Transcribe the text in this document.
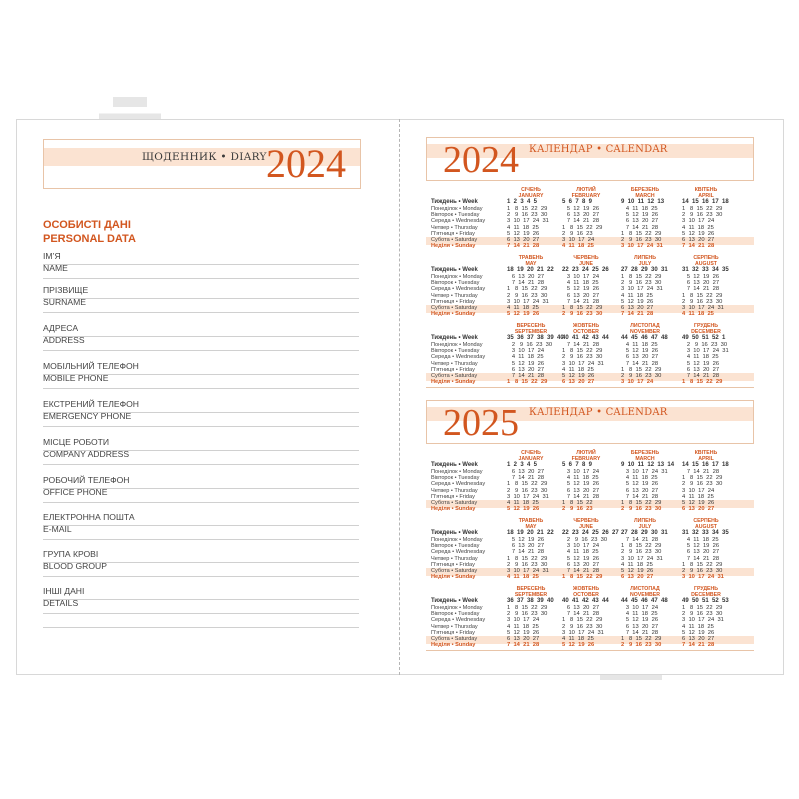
ЩОДЕННИК • DIARY 2024
ОСОБИСТІ ДАНІ
PERSONAL DATA
ІМ’Я
NAME
ПРІЗВИЩЕ
SURNAME
АДРЕСА
ADDRESS
МОБІЛЬНИЙ ТЕЛЕФОН
MOBILE PHONE
ЕКСТРЕНИЙ ТЕЛЕФОН
EMERGENCY PHONE
МІСЦЕ РОБОТИ
COMPANY ADDRESS
РОБОЧИЙ ТЕЛЕФОН
OFFICE PHONE
ЕЛЕКТРОННА ПОШТА
E-MAIL
ГРУПА КРОВІ
BLOOD GROUP
ІНШІ ДАНІ
DETAILS
2024 КАЛЕНДАР • CALENDAR
Тиждень • Week
Понеділок • Monday
Вівторок • Tuesday
Середа • Wednesday
Четвер • Thursday
П’ятниця • Friday
Субота • Saturday
Неділя • Sunday
СІЧЕНЬ
JANUARY
1  2  3  4  5
1   8  15  22  29
2   9  16  23  30
3  10  17  24  31
4  11  18  25
5  12  19  26
6  13  20  27
7  14  21  28
ЛЮТИЙ
FEBRUARY
5  6  7  8  9
5  12  19  26
6  13  20  27
7  14  21  28
1   8  15  22  29
2   9  16  23
3  10  17  24
4  11  18  25
БЕРЕЗЕНЬ
MARCH
9  10  11  12  13
4  11  18  25
5  12  19  26
6  13  20  27
7  14  21  28
1   8  15  22  29
2   9  16  23  30
3  10  17  24  31
КВІТЕНЬ
APRIL
14  15  16  17  18
1   8  15  22  29
2   9  16  23  30
3  10  17  24
4  11  18  25
5  12  19  26
6  13  20  27
7  14  21  28
Тиждень • Week
Понеділок • Monday
Вівторок • Tuesday
Середа • Wednesday
Четвер • Thursday
П’ятниця • Friday
Субота • Saturday
Неділя • Sunday
ТРАВЕНЬ
MAY
18  19  20  21  22
6  13  20  27
7  14  21  28
1   8  15  22  29
2   9  16  23  30
3  10  17  24  31
4  11  18  25
5  12  19  26
ЧЕРВЕНЬ
JUNE
22  23  24  25  26
3  10  17  24
4  11  18  25
5  12  19  26
6  13  20  27
7  14  21  28
1   8  15  22  29
2   9  16  23  30
ЛИПЕНЬ
JULY
27  28  29  30  31
1   8  15  22  29
2   9  16  23  30
3  10  17  24  31
4  11  18  25
5  12  19  26
6  13  20  27
7  14  21  28
СЕРПЕНЬ
AUGUST
31  32  33  34  35
5  12  19  26
6  13  20  27
7  14  21  28
1   8  15  22  29
2   9  16  23  30
3  10  17  24  31
4  11  18  25
Тиждень • Week
Понеділок • Monday
Вівторок • Tuesday
Середа • Wednesday
Четвер • Thursday
П’ятниця • Friday
Субота • Saturday
Неділя • Sunday
ВЕРЕСЕНЬ
SEPTEMBER
35  36  37  38  39  40
2   9  16  23  30
3  10  17  24
4  11  18  25
5  12  19  26
6  13  20  27
7  14  21  28
1   8  15  22  29
ЖОВТЕНЬ
OCTOBER
40  41  42  43  44
7  14  21  28
1   8  15  22  29
2   9  16  23  30
3  10  17  24  31
4  11  18  25
5  12  19  26
6  13  20  27
ЛИСТОПАД
NOVEMBER
44  45  46  47  48
4  11  18  25
5  12  19  26
6  13  20  27
7  14  21  28
1   8  15  22  29
2   9  16  23  30
3  10  17  24
ГРУДЕНЬ
DECEMBER
49  50  51  52  1
2   9  16  23  30
3  10  17  24  31
4  11  18  25
5  12  19  26
6  13  20  27
7  14  21  28
1   8  15  22  29
2025 КАЛЕНДАР • CALENDAR
Тиждень • Week
Понеділок • Monday
Вівторок • Tuesday
Середа • Wednesday
Четвер • Thursday
П’ятниця • Friday
Субота • Saturday
Неділя • Sunday
СІЧЕНЬ
JANUARY
1  2  3  4  5
6  13  20  27
7  14  21  28
1   8  15  22  29
2   9  16  23  30
3  10  17  24  31
4  11  18  25
5  12  19  26
ЛЮТИЙ
FEBRUARY
5  6  7  8  9
3  10  17  24
4  11  18  25
5  12  19  26
6  13  20  27
7  14  21  28
1   8  15  22
2   9  16  23
БЕРЕЗЕНЬ
MARCH
9  10  11  12  13  14
3  10  17  24  31
4  11  18  25
5  12  19  26
6  13  20  27
7  14  21  28
1   8  15  22  29
2   9  16  23  30
КВІТЕНЬ
APRIL
14  15  16  17  18
7  14  21  28
1   8  15  22  29
2   9  16  23  30
3  10  17  24
4  11  18  25
5  12  19  26
6  13  20  27
Тиждень • Week
Понеділок • Monday
Вівторок • Tuesday
Середа • Wednesday
Четвер • Thursday
П’ятниця • Friday
Субота • Saturday
Неділя • Sunday
ТРАВЕНЬ
MAY
18  19  20  21  22
5  12  19  26
6  13  20  27
7  14  21  28
1   8  15  22  29
2   9  16  23  30
3  10  17  24  31
4  11  18  25
ЧЕРВЕНЬ
JUNE
22  23  24  25  26  27
2   9  16  23  30
3  10  17  24
4  11  18  25
5  12  19  26
6  13  20  27
7  14  21  28
1   8  15  22  29
ЛИПЕНЬ
JULY
27  28  29  30  31
7  14  21  28
1   8  15  22  29
2   9  16  23  30
3  10  17  24  31
4  11  18  25
5  12  19  26
6  13  20  27
СЕРПЕНЬ
AUGUST
31  32  33  34  35
4  11  18  25
5  12  19  26
6  13  20  27
7  14  21  28
1   8  15  22  29
2   9  16  23  30
3  10  17  24  31
Тиждень • Week
Понеділок • Monday
Вівторок • Tuesday
Середа • Wednesday
Четвер • Thursday
П’ятниця • Friday
Субота • Saturday
Неділя • Sunday
ВЕРЕСЕНЬ
SEPTEMBER
36  37  38  39  40
1   8  15  22  29
2   9  16  23  30
3  10  17  24
4  11  18  25
5  12  19  26
6  13  20  27
7  14  21  28
ЖОВТЕНЬ
OCTOBER
40  41  42  43  44
6  13  20  27
7  14  21  28
1   8  15  22  29
2   9  16  23  30
3  10  17  24  31
4  11  18  25
5  12  19  26
ЛИСТОПАД
NOVEMBER
44  45  46  47  48
3  10  17  24
4  11  18  25
5  12  19  26
6  13  20  27
7  14  21  28
1   8  15  22  29
2   9  16  23  30
ГРУДЕНЬ
DECEMBER
49  50  51  52  53
1   8  15  22  29
2   9  16  23  30
3  10  17  24  31
4  11  18  25
5  12  19  26
6  13  20  27
7  14  21  28
